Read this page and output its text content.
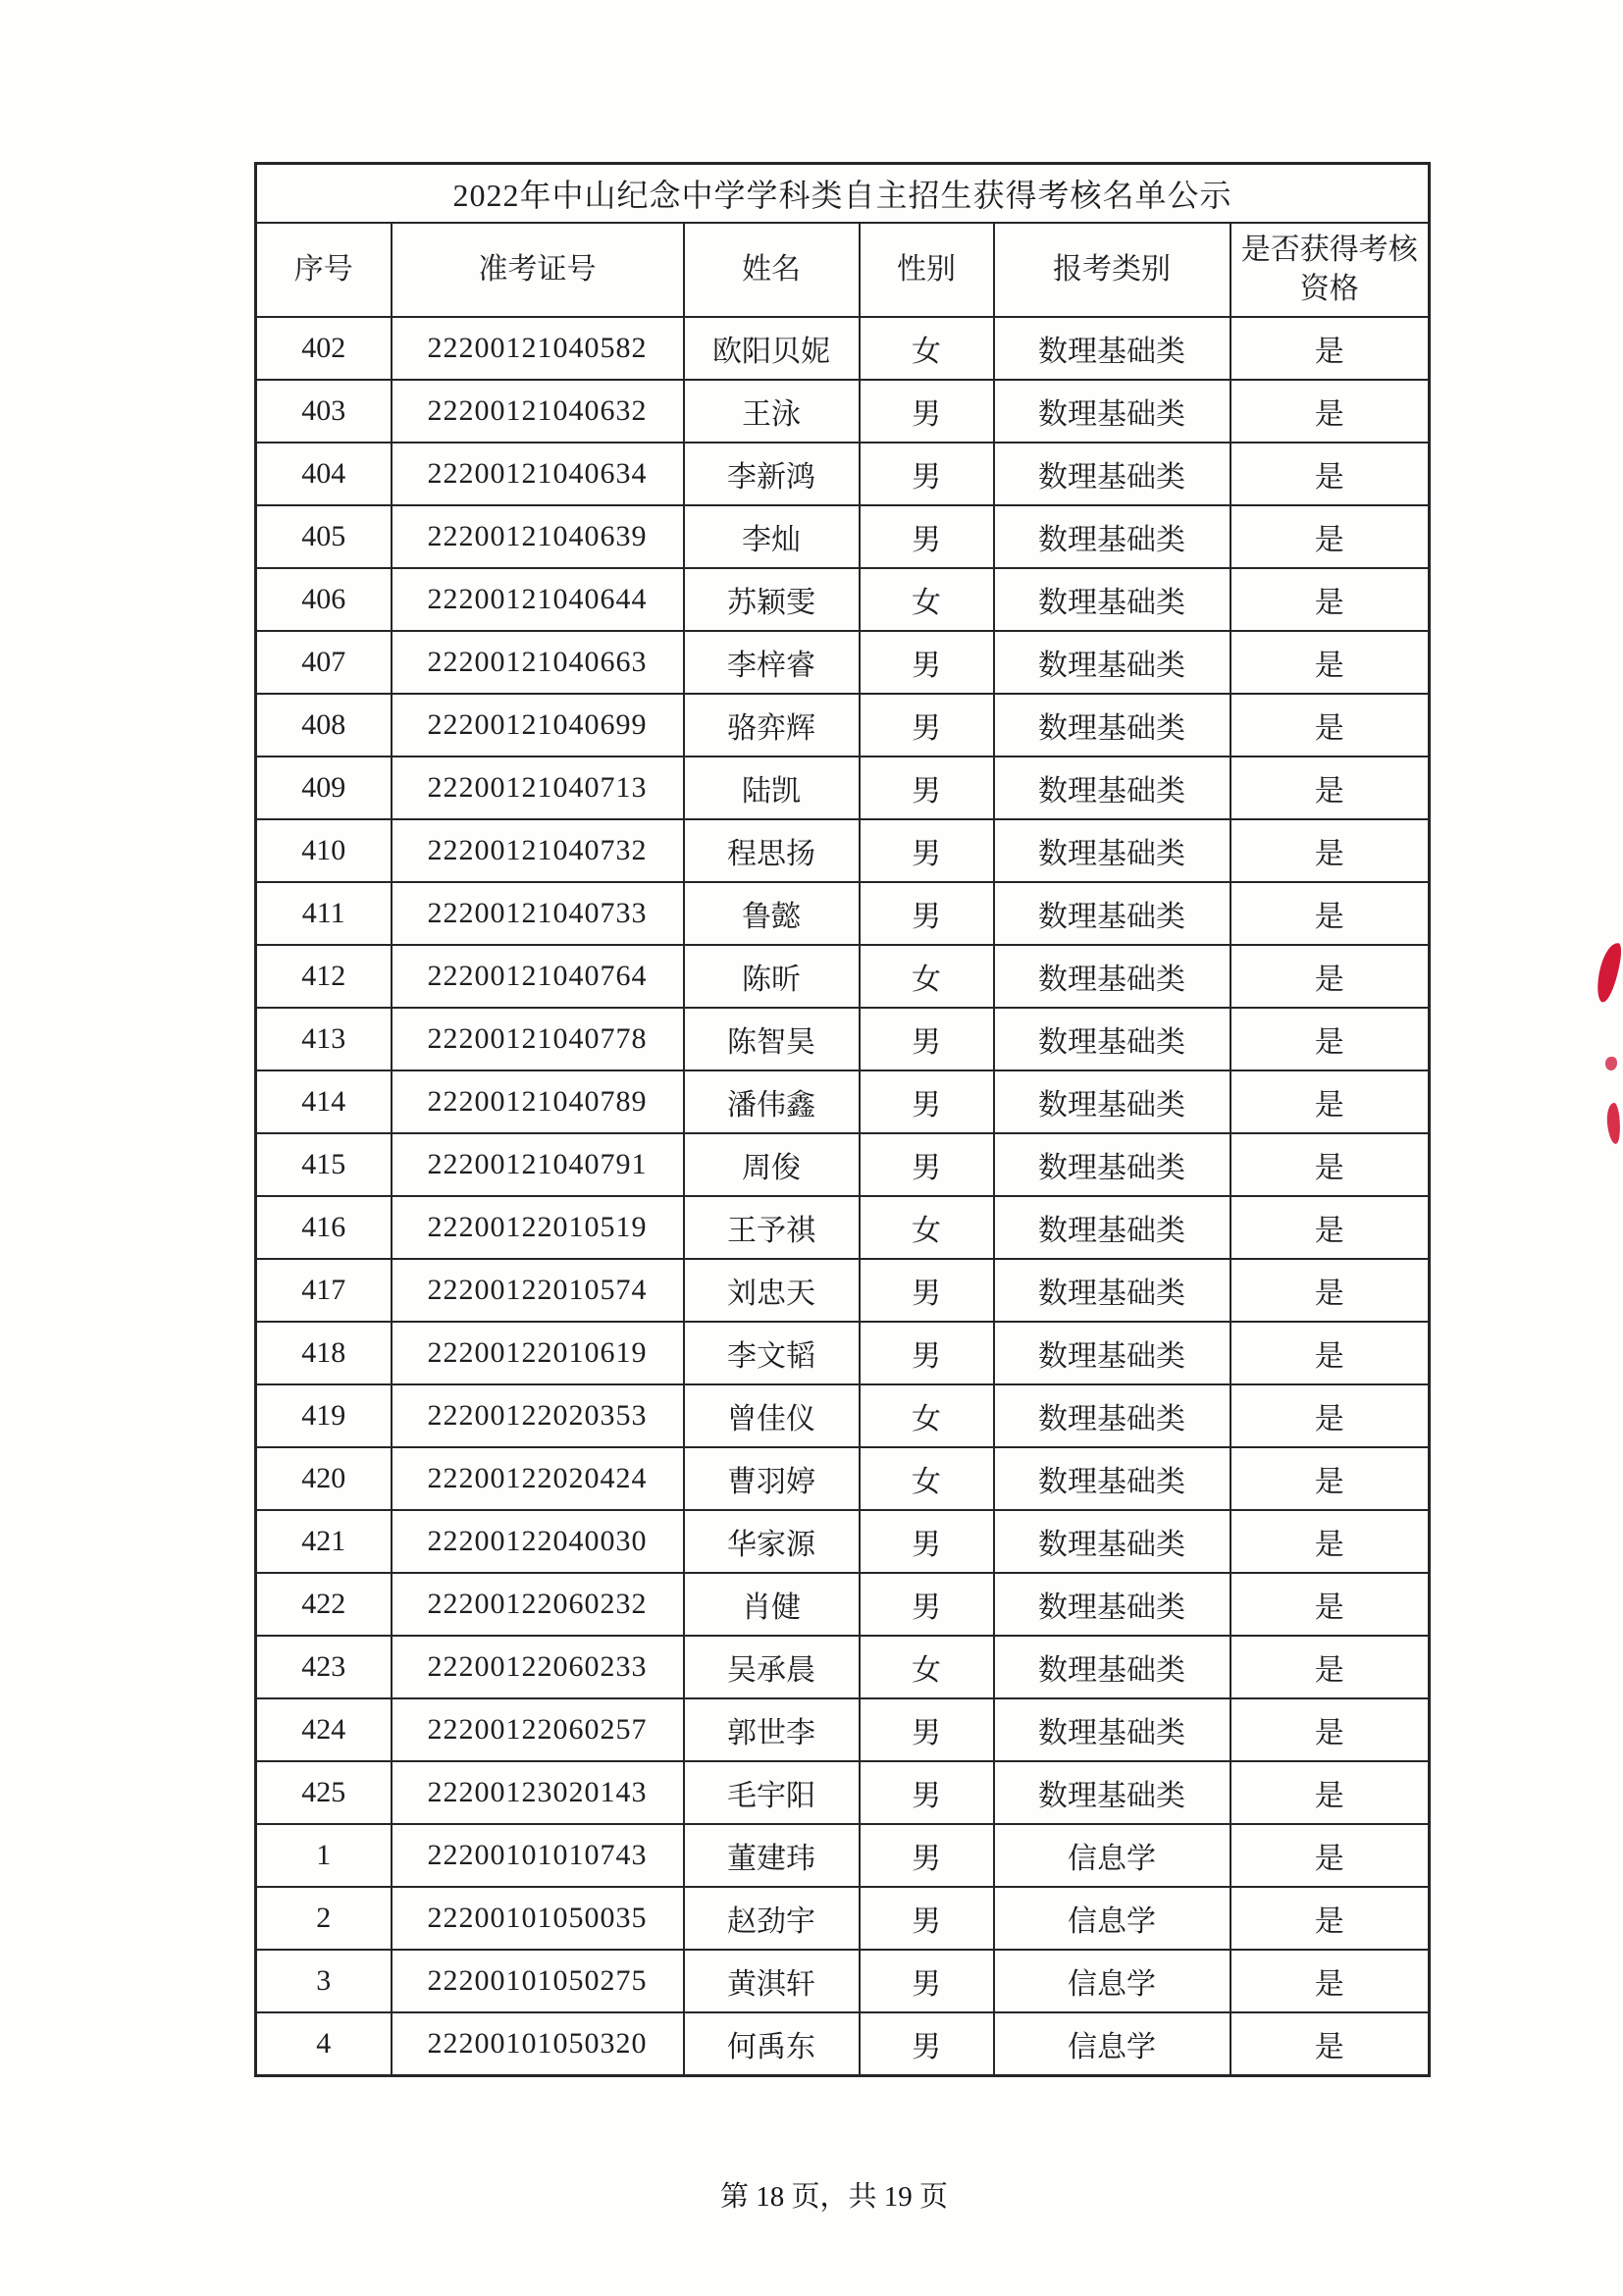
2022年中山纪念中学学科类自主招生获得考核名单公示					
序号	准考证号	姓名	性别	报考类别	是否获得考核资格
402	22200121040582	欧阳贝妮	女	数理基础类	是
403	22200121040632	王泳	男	数理基础类	是
404	22200121040634	李新鸿	男	数理基础类	是
405	22200121040639	李灿	男	数理基础类	是
406	22200121040644	苏颖雯	女	数理基础类	是
407	22200121040663	李梓睿	男	数理基础类	是
408	22200121040699	骆弈辉	男	数理基础类	是
409	22200121040713	陆凯	男	数理基础类	是
410	22200121040732	程思扬	男	数理基础类	是
411	22200121040733	鲁懿	男	数理基础类	是
412	22200121040764	陈昕	女	数理基础类	是
413	22200121040778	陈智昊	男	数理基础类	是
414	22200121040789	潘伟鑫	男	数理基础类	是
415	22200121040791	周俊	男	数理基础类	是
416	22200122010519	王予祺	女	数理基础类	是
417	22200122010574	刘忠天	男	数理基础类	是
418	22200122010619	李文韬	男	数理基础类	是
419	22200122020353	曾佳仪	女	数理基础类	是
420	22200122020424	曹羽婷	女	数理基础类	是
421	22200122040030	华家源	男	数理基础类	是
422	22200122060232	肖健	男	数理基础类	是
423	22200122060233	吴承晨	女	数理基础类	是
424	22200122060257	郭世李	男	数理基础类	是
425	22200123020143	毛宇阳	男	数理基础类	是
1	22200101010743	董建玮	男	信息学	是
2	22200101050035	赵劲宇	男	信息学	是
3	22200101050275	黄淇轩	男	信息学	是
4	22200101050320	何禹东	男	信息学	是
第 18 页，共 19 页
